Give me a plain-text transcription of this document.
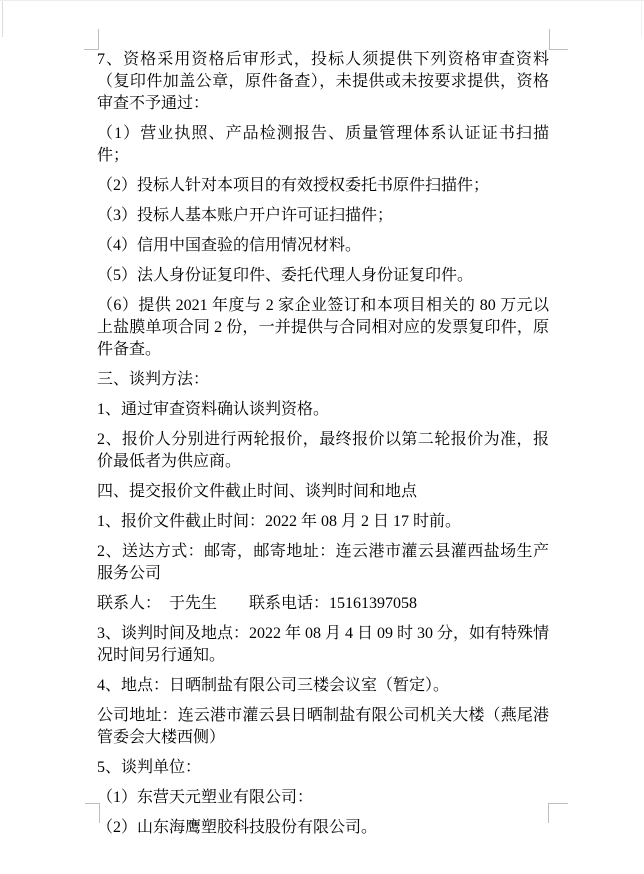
7、资格采用资格后审形式，投标人须提供下列资格审查资料（复印件加盖公章，原件备查），未提供或未按要求提供，资格审查不予通过：

（1）营业执照、产品检测报告、质量管理体系认证证书扫描件；

（2）投标人针对本项目的有效授权委托书原件扫描件；

（3）投标人基本账户开户许可证扫描件；

（4）信用中国查验的信用情况材料。

（5）法人身份证复印件、委托代理人身份证复印件。

（6）提供 2021 年度与 2 家企业签订和本项目相关的 80 万元以上盐膜单项合同 2 份，一并提供与合同相对应的发票复印件，原件备查。

三、谈判方法：

1、通过审查资料确认谈判资格。

2、报价人分别进行两轮报价，最终报价以第二轮报价为准，报价最低者为供应商。

四、提交报价文件截止时间、谈判时间和地点

1、报价文件截止时间：2022 年 08 月 2 日 17 时前。

2、送达方式：邮寄，邮寄地址：连云港市灌云县灌西盐场生产服务公司

联系人：  于先生        联系电话：15161397058

3、谈判时间及地点：2022 年 08 月 4 日 09 时 30 分，如有特殊情况时间另行通知。

4、地点：日晒制盐有限公司三楼会议室（暂定）。

公司地址：连云港市灌云县日晒制盐有限公司机关大楼（燕尾港管委会大楼西侧）

5、谈判单位：

（1）东营天元塑业有限公司：

（2）山东海鹰塑胶科技股份有限公司。
